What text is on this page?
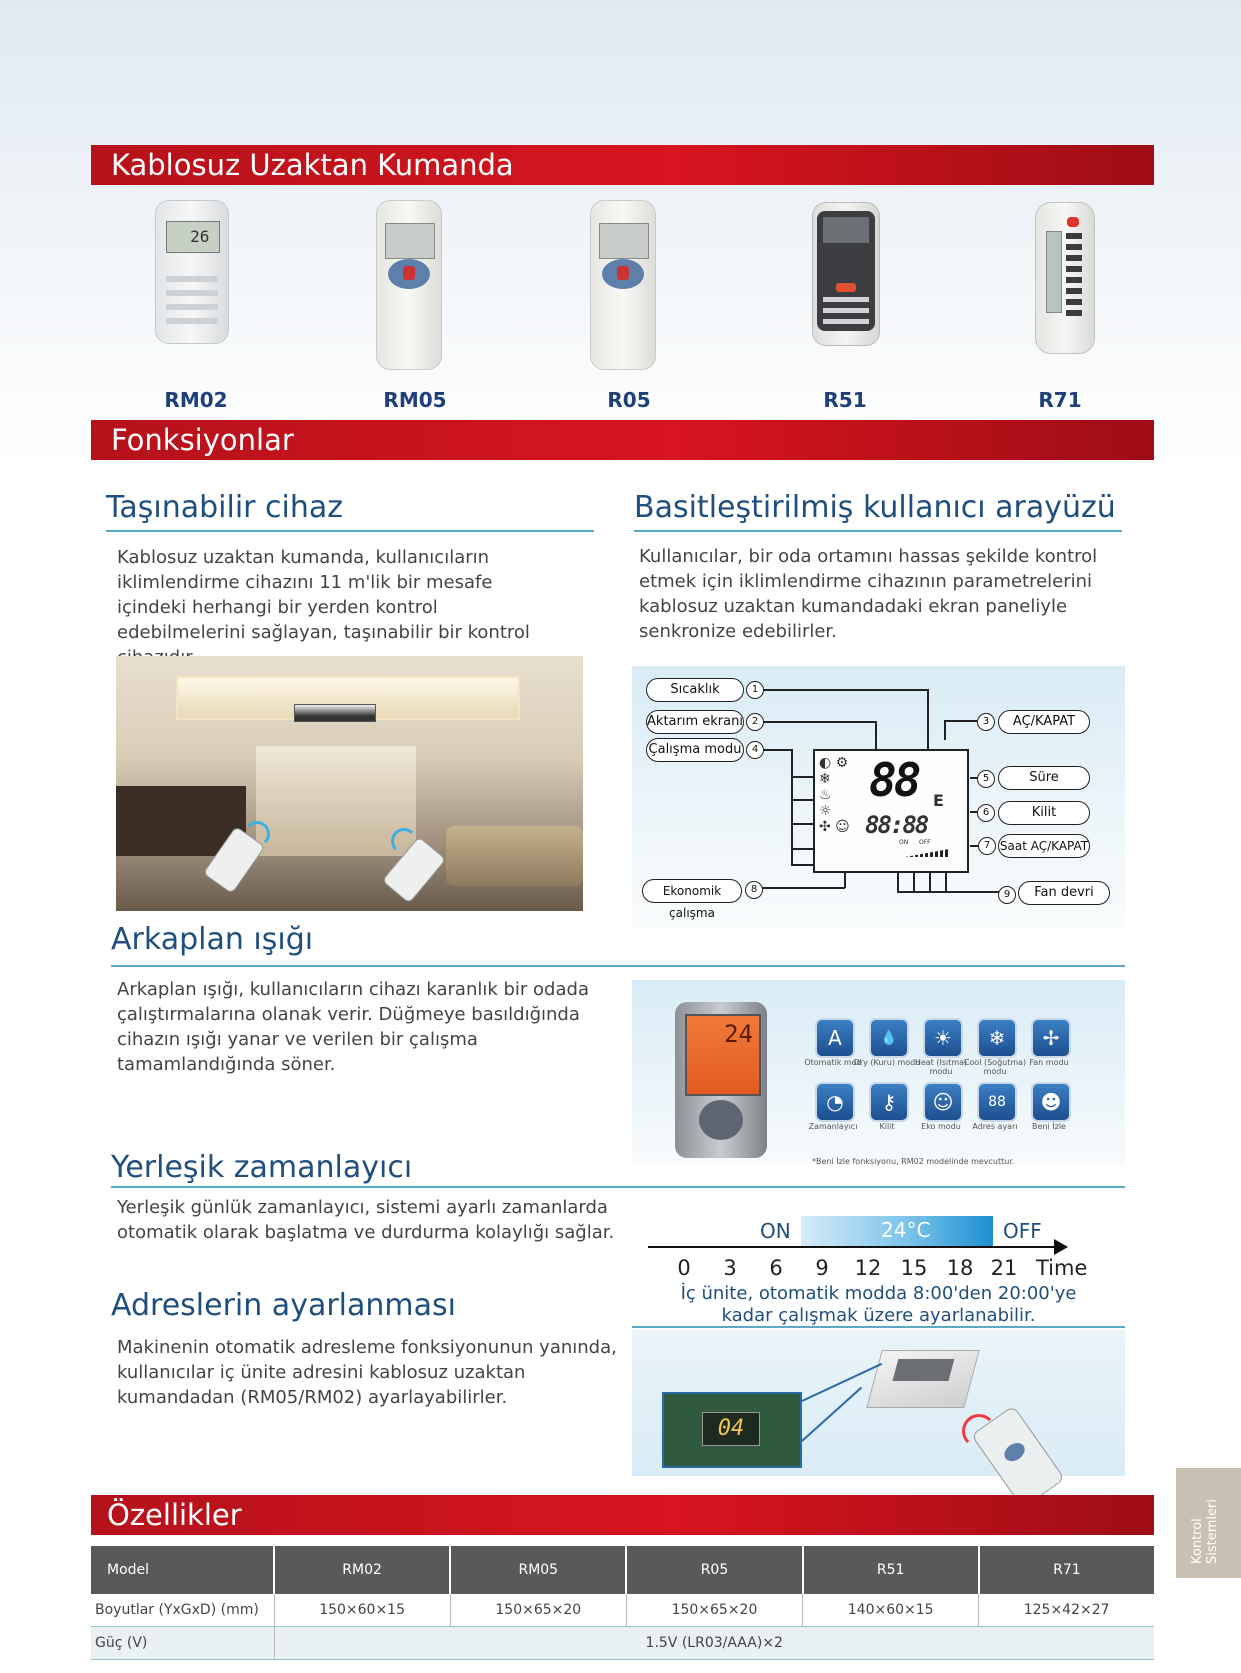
Kablosuz Uzaktan Kumanda
26
RM02	RM05	R05	R51	R71
Fonksiyonlar
Taşınabilir cihaz
Kablosuz uzaktan kumanda, kullanıcıların iklimlendirme cihazını 11 m'lik bir mesafe içindeki herhangi bir yerden kontrol edebilmelerini sağlayan, taşınabilir bir kontrol
Basitleştirilmiş kullanıcı arayüzü
Kullanıcılar, bir oda ortamını hassas şekilde kontrol etmek için iklimlendirme cihazının parametrelerini kablosuz uzaktan kumandadaki ekran paneliyle senkronize edebilirler.
◐ ⚙
❄
♨
☼
✣ ☺
88 E
88:88
ON OFF
Sıcaklık	1
Aktarım ekranı 2
Çalışma modu	4
3	AÇ/KAPAT
5	Süre
6	Kilit
7 Saat AÇ/KAPAT
Ekonomik çalışma
8	9	Fan devri
Arkaplan ışığı
Arkaplan ışığı, kullanıcıların cihazı karanlık bir odada çalıştırmalarına olanak verir. Düğmeye basıldığında cihazın ışığı yanar ve verilen bir çalışma tamamlandığında söner.
24	A
Otomatik mod
💧
Dry (Kuru) modu
☀
Heat (Isıtma) modu
❄
Cool (Soğutma) modu
✢
Fan modu
◔
Zamanlayıcı
⚷
Kilit
☺
Eko modu
88
Adres ayarı
☻
Beni İzle
*Beni İzle fonksiyonu, RM02 modelinde mevcuttur.
Yerleşik zamanlayıcı
Yerleşik günlük zamanlayıcı, sistemi ayarlı zamanlarda otomatik olarak başlatma ve durdurma kolaylığı sağlar.	ON	24°C	OFF
0	3	6	9	12 15 18 21 Time
İç ünite, otomatik modda 8:00'den 20:00'ye
kadar çalışmak üzere ayarlanabilir.
Adreslerin ayarlanması
Makinenin otomatik adresleme fonksiyonunun yanında, kullanıcılar iç ünite adresini kablosuz uzaktan kumandadan (RM05/RM02) ayarlayabilirler.
04
Kontrol Sistemleri
Özellikler
Model	RM02	RM05	R05	R51	R71
Boyutlar (YxGxD) (mm)	150×60×15	150×65×20	150×65×20	140×60×15	125×42×27
Güç (V)	1.5V (LR03/AAA)×2				
